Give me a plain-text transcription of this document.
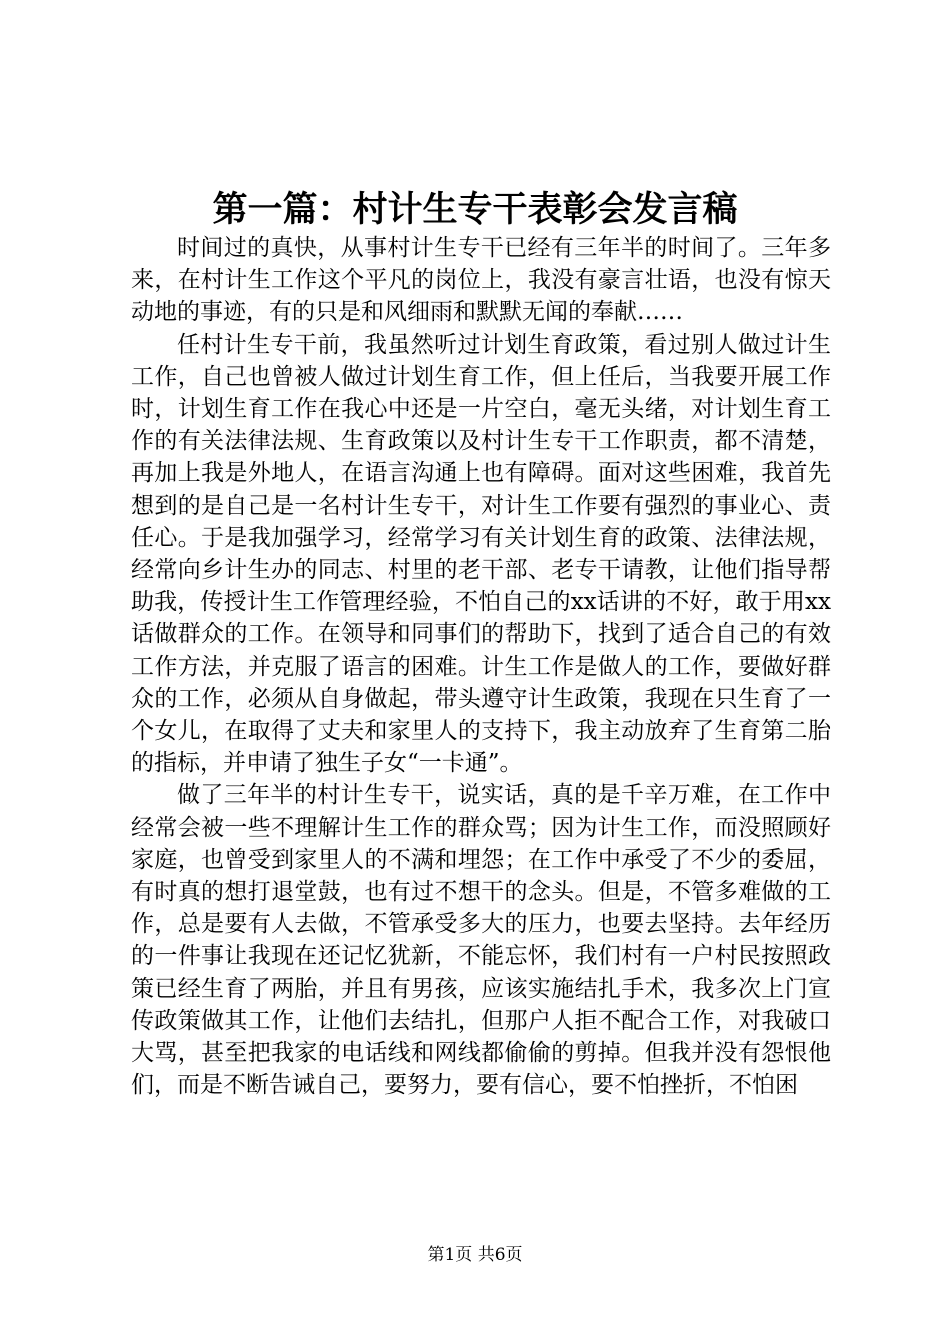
第一篇：村计生专干表彰会发言稿

时间过的真快，从事村计生专干已经有三年半的时间了。三年多来，在村计生工作这个平凡的岗位上，我没有豪言壮语，也没有惊天动地的事迹，有的只是和风细雨和默默无闻的奉献……

任村计生专干前，我虽然听过计划生育政策，看过别人做过计生工作，自己也曾被人做过计划生育工作，但上任后，当我要开展工作时，计划生育工作在我心中还是一片空白，毫无头绪，对计划生育工作的有关法律法规、生育政策以及村计生专干工作职责，都不清楚，再加上我是外地人，在语言沟通上也有障碍。面对这些困难，我首先想到的是自己是一名村计生专干，对计生工作要有强烈的事业心、责任心。于是我加强学习，经常学习有关计划生育的政策、法律法规，经常向乡计生办的同志、村里的老干部、老专干请教，让他们指导帮助我，传授计生工作管理经验，不怕自己的xx话讲的不好，敢于用xx话做群众的工作。在领导和同事们的帮助下，找到了适合自己的有效工作方法，并克服了语言的困难。计生工作是做人的工作，要做好群众的工作，必须从自身做起，带头遵守计生政策，我现在只生育了一个女儿，在取得了丈夫和家里人的支持下，我主动放弃了生育第二胎的指标，并申请了独生子女“一卡通”。

做了三年半的村计生专干，说实话，真的是千辛万难，在工作中经常会被一些不理解计生工作的群众骂；因为计生工作，而没照顾好家庭，也曾受到家里人的不满和埋怨；在工作中承受了不少的委屈，有时真的想打退堂鼓，也有过不想干的念头。但是，不管多难做的工作，总是要有人去做，不管承受多大的压力，也要去坚持。去年经历的一件事让我现在还记忆犹新，不能忘怀，我们村有一户村民按照政策已经生育了两胎，并且有男孩，应该实施结扎手术，我多次上门宣传政策做其工作，让他们去结扎，但那户人拒不配合工作，对我破口大骂，甚至把我家的电话线和网线都偷偷的剪掉。但我并没有怨恨他们，而是不断告诫自己，要努力，要有信心，要不怕挫折，不怕困

第1页 共6页
